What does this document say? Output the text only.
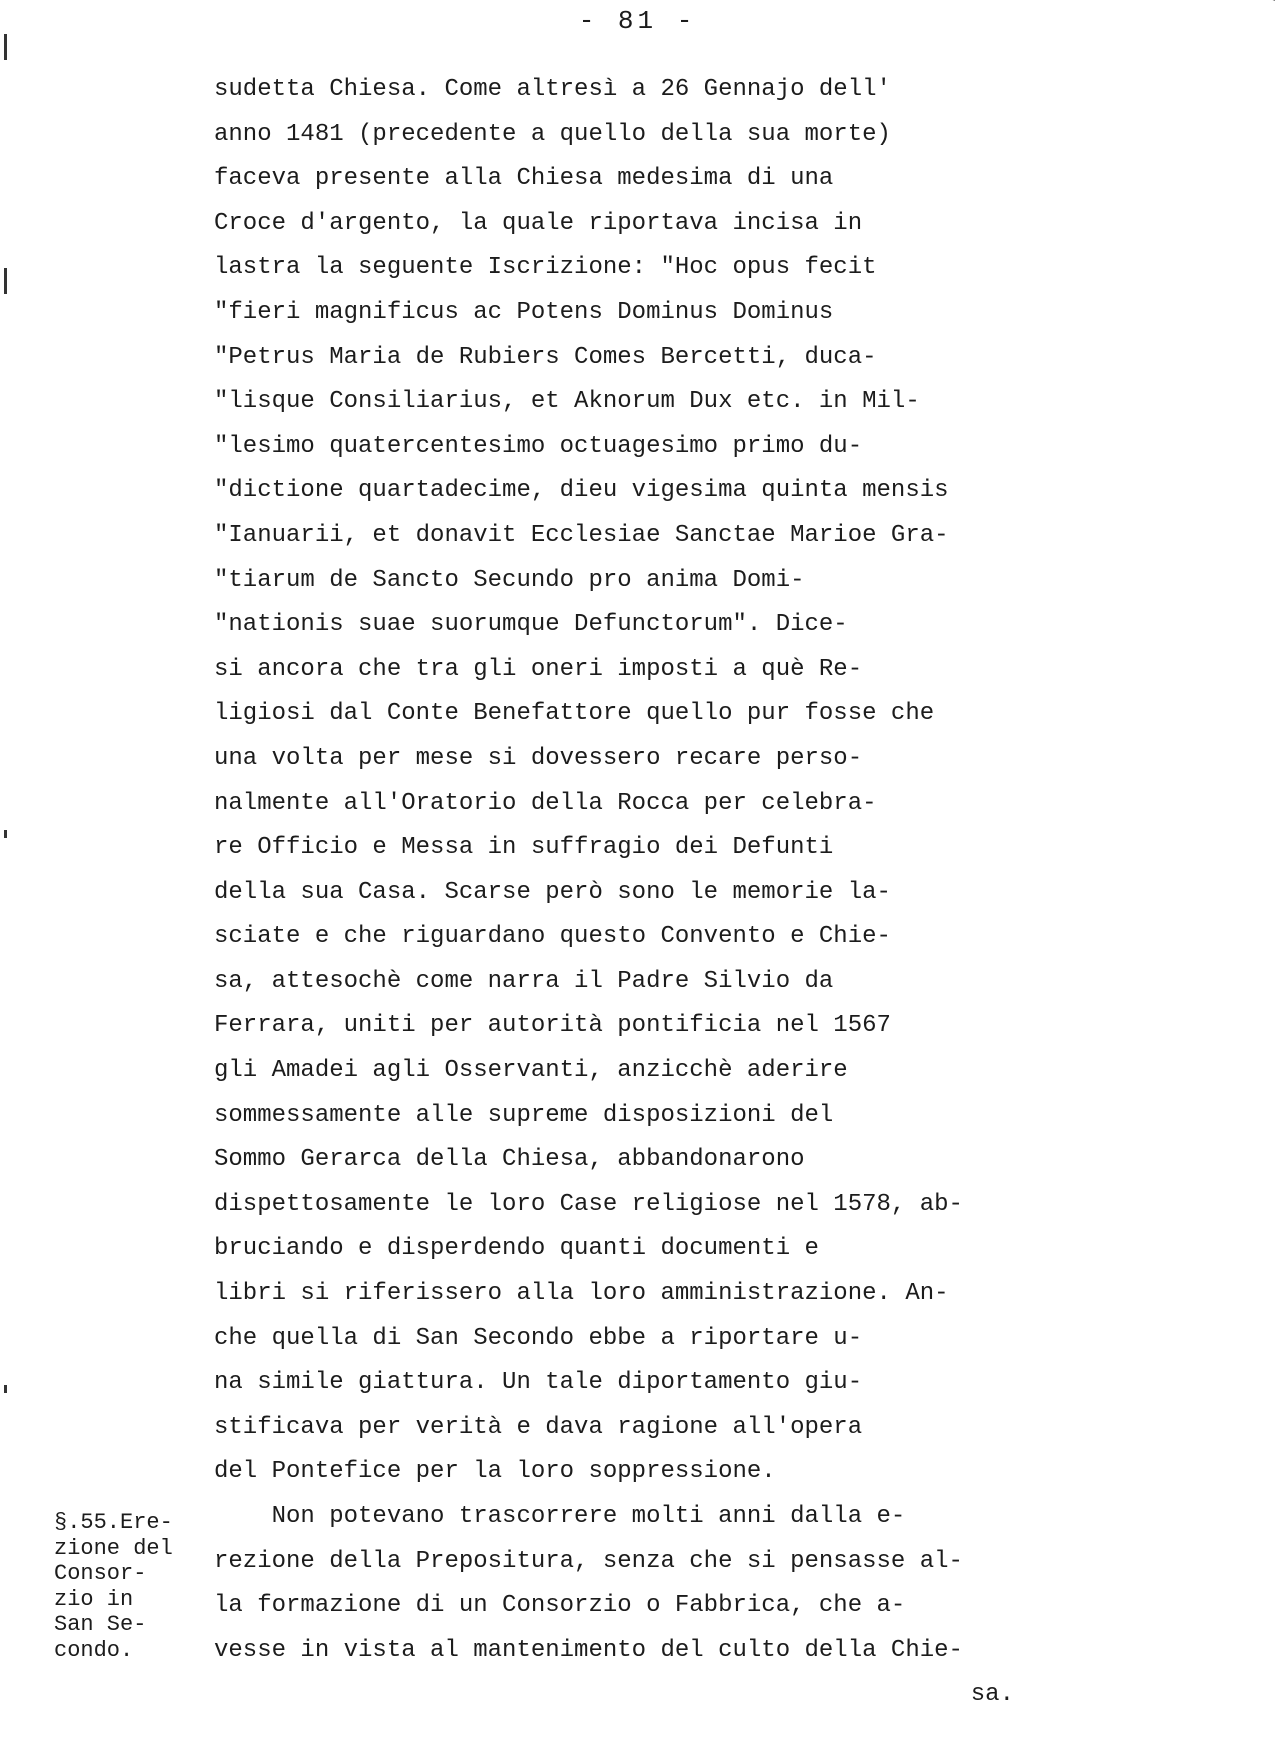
- 81 -
sudetta Chiesa. Come altresì a 26 Gennajo dell'
anno 1481 (precedente a quello della sua morte)
faceva presente alla Chiesa medesima di una
Croce d'argento, la quale riportava incisa in
lastra la seguente Iscrizione: "Hoc opus fecit
"fieri magnificus ac Potens Dominus Dominus
"Petrus Maria de Rubiers Comes Bercetti, duca-
"lisque Consiliarius, et Aknorum Dux etc. in Mil-
"lesimo quatercentesimo octuagesimo primo du-
"dictione quartadecime, dieu vigesima quinta mensis
"Ianuarii, et donavit Ecclesiae Sanctae Marioe Gra-
"tiarum de Sancto Secundo pro anima Domi-
"nationis suae suorumque Defunctorum". Dice-
si ancora che tra gli oneri imposti a què Re-
ligiosi dal Conte Benefattore quello pur fosse che
una volta per mese si dovessero recare perso-
nalmente all'Oratorio della Rocca per celebra-
re Officio e Messa in suffragio dei Defunti
della sua Casa. Scarse però sono le memorie la-
sciate e che riguardano questo Convento e Chie-
sa, attesochè come narra il Padre Silvio da
Ferrara, uniti per autorità pontificia nel 1567
gli Amadei agli Osservanti, anzicchè aderire
sommessamente alle supreme disposizioni del
Sommo Gerarca della Chiesa, abbandonarono
dispettosamente le loro Case religiose nel 1578, ab-
bruciando e disperdendo quanti documenti e
libri si riferissero alla loro amministrazione. An-
che quella di San Secondo ebbe a riportare u-
na simile giattura. Un tale diportamento giu-
stificava per verità e dava ragione all'opera
del Pontefice per la loro soppressione.
Non potevano trascorrere molti anni dalla e-
rezione della Prepositura, senza che si pensasse al-
la formazione di un Consorzio o Fabbrica, che a-
vesse in vista al mantenimento del culto della Chie-
sa.
§.55.Ere-
zione del
Consor-
zio in
San Se-
condo.
